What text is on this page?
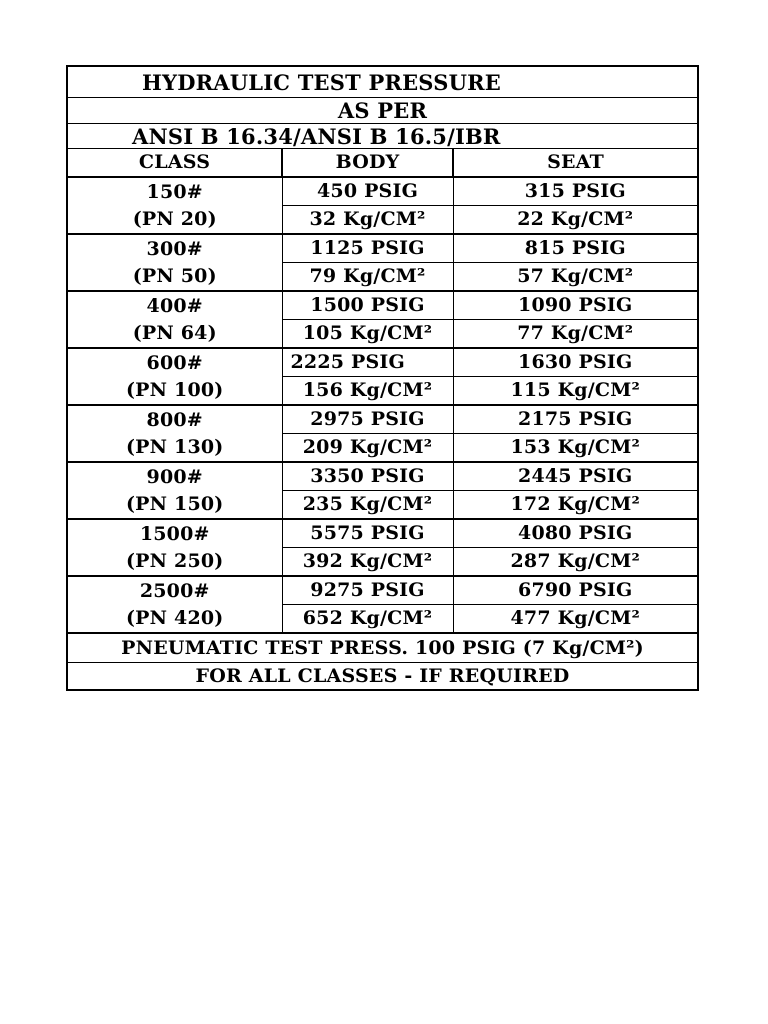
HYDRAULIC TEST PRESSURE		
AS PER		
ANSI B 16.34/ANSI B 16.5/IBR		
CLASS	BODY	SEAT

150#
(PN 20)	450 PSIG	315 PSIG
	32 Kg/CM²	22 Kg/CM²

300#
(PN 50)	1125 PSIG	815 PSIG
	79 Kg/CM²	57 Kg/CM²

400#
(PN 64)	1500 PSIG	1090 PSIG
	105 Kg/CM²	77 Kg/CM²

600#
(PN 100)	2225 PSIG	1630 PSIG
	156 Kg/CM²	115 Kg/CM²

800#
(PN 130)	2975 PSIG	2175 PSIG
	209 Kg/CM²	153 Kg/CM²

900#
(PN 150)	3350 PSIG	2445 PSIG
	235 Kg/CM²	172 Kg/CM²

1500#
(PN 250)	5575 PSIG	4080 PSIG
	392 Kg/CM²	287 Kg/CM²

2500#
(PN 420)	9275 PSIG	6790 PSIG
	652 Kg/CM²	477 Kg/CM²
PNEUMATIC TEST PRESS. 100 PSIG (7 Kg/CM²)		
FOR ALL CLASSES - IF REQUIRED		
